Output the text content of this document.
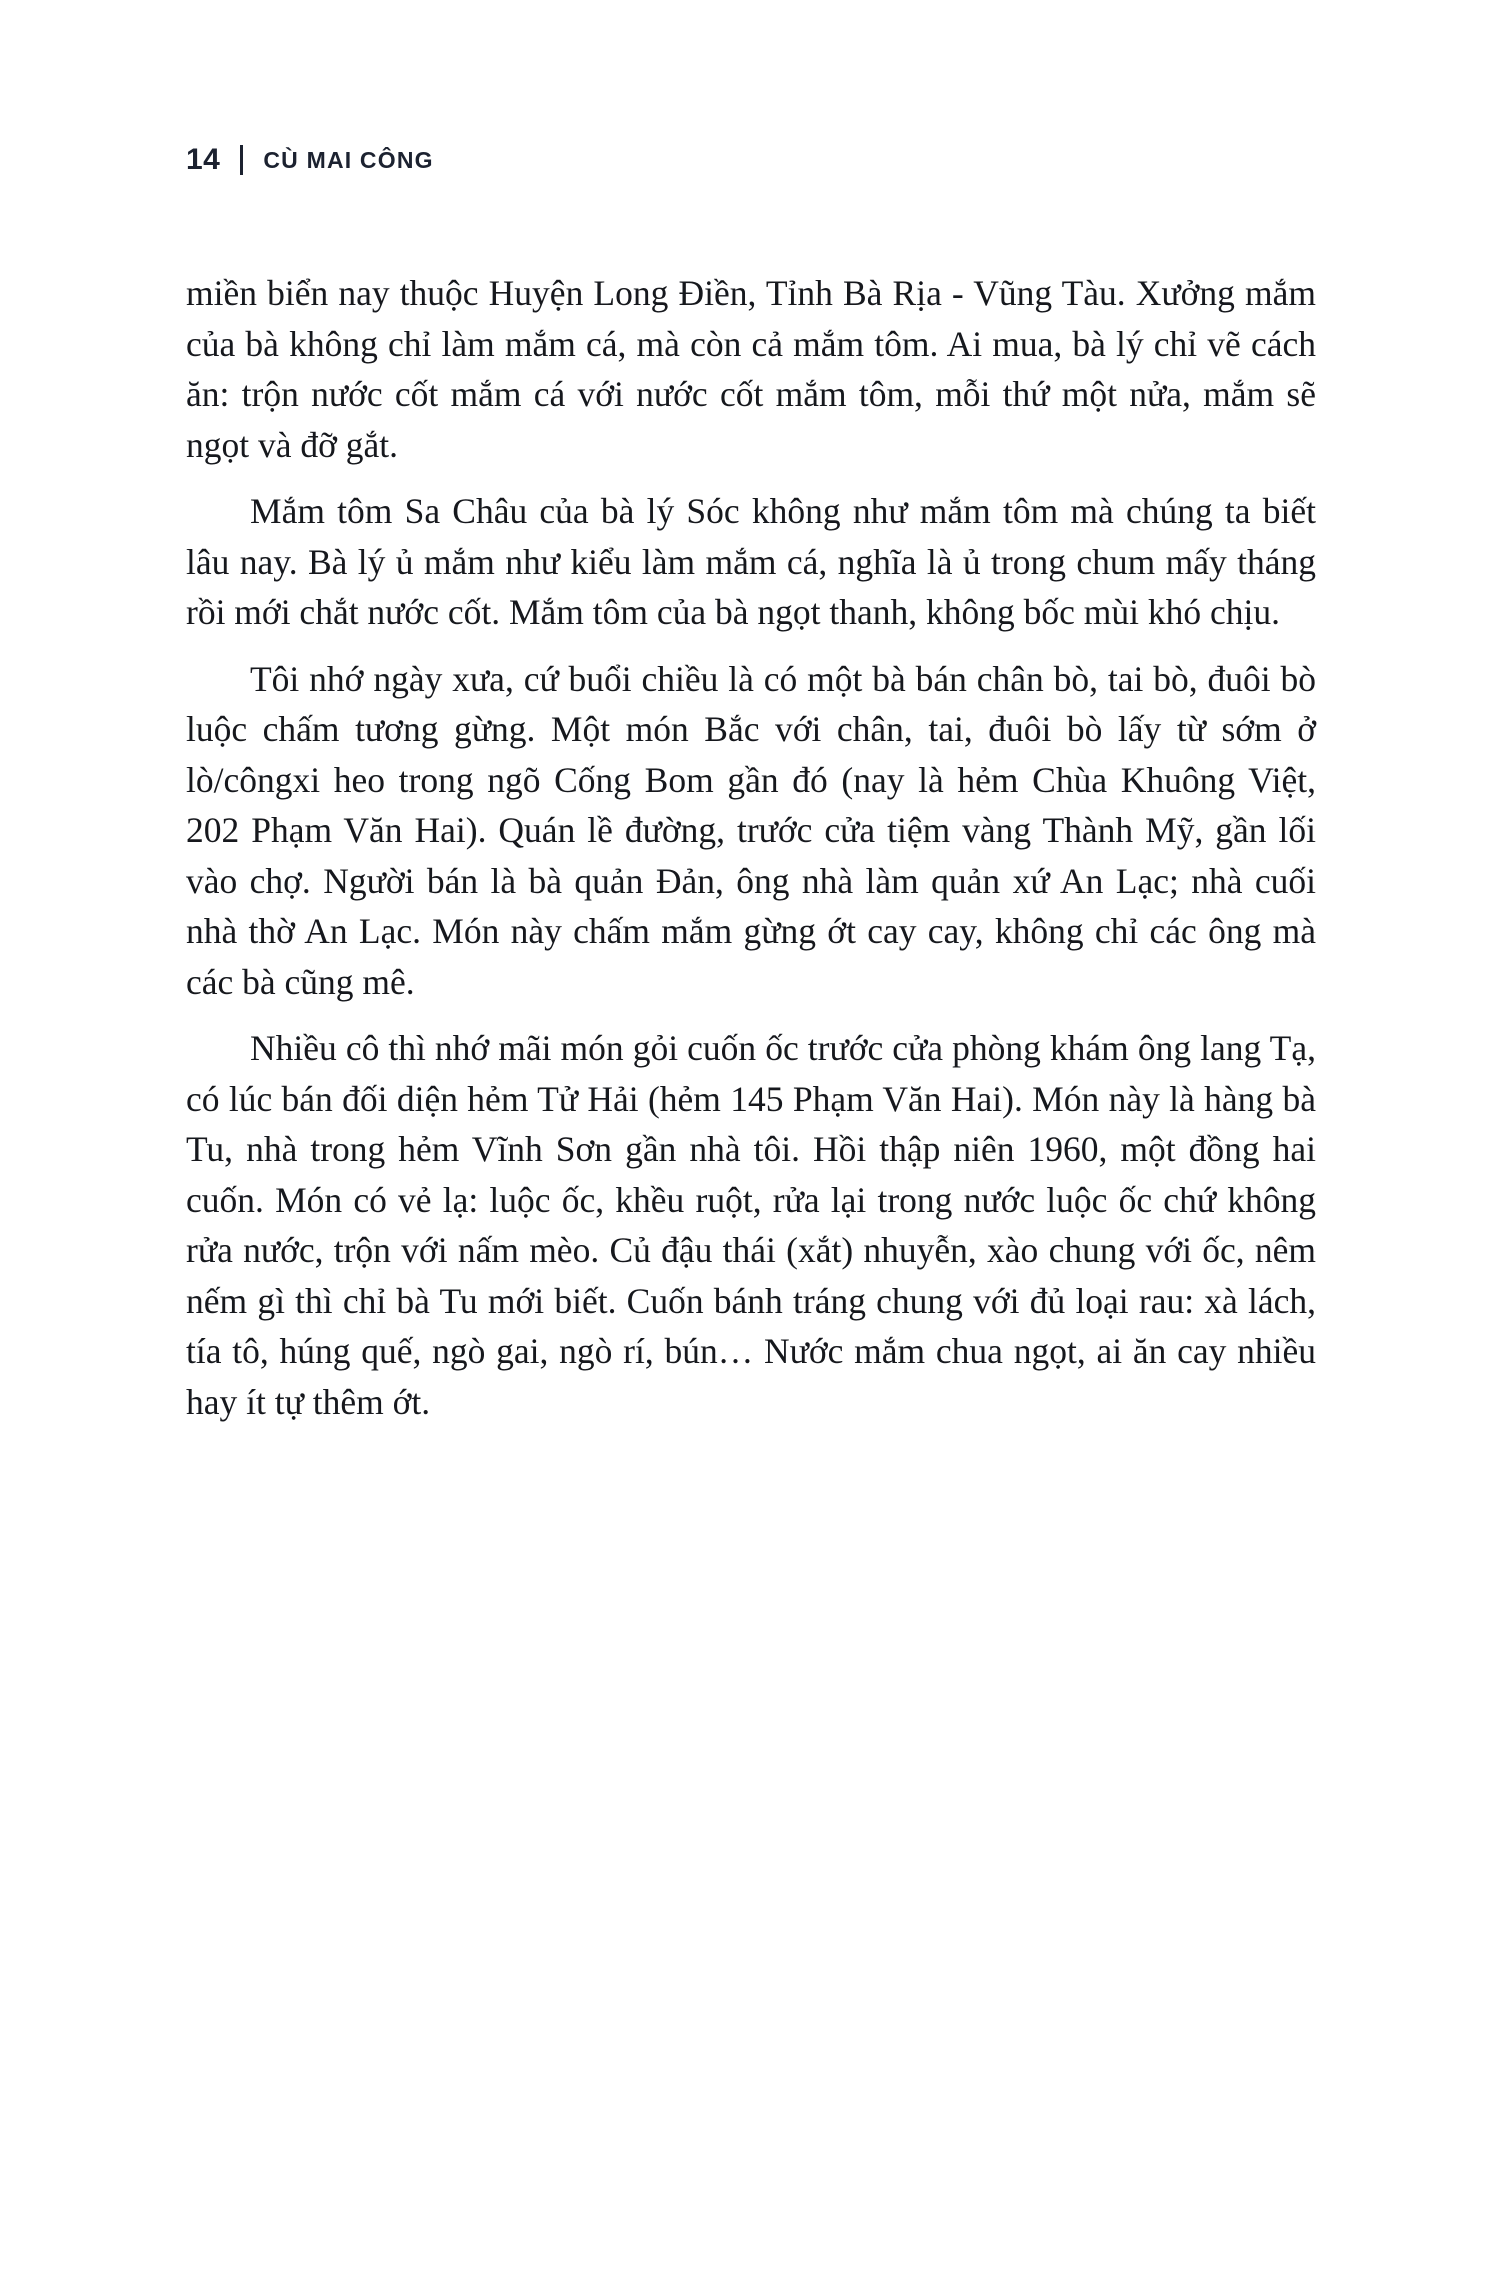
14 CÙ MAI CÔNG

miền biển nay thuộc Huyện Long Điền, Tỉnh Bà Rịa - Vũng Tàu. Xưởng mắm của bà không chỉ làm mắm cá, mà còn cả mắm tôm. Ai mua, bà lý chỉ vẽ cách ăn: trộn nước cốt mắm cá với nước cốt mắm tôm, mỗi thứ một nửa, mắm sẽ ngọt và đỡ gắt.

Mắm tôm Sa Châu của bà lý Sóc không như mắm tôm mà chúng ta biết lâu nay. Bà lý ủ mắm như kiểu làm mắm cá, nghĩa là ủ trong chum mấy tháng rồi mới chắt nước cốt. Mắm tôm của bà ngọt thanh, không bốc mùi khó chịu.

Tôi nhớ ngày xưa, cứ buổi chiều là có một bà bán chân bò, tai bò, đuôi bò luộc chấm tương gừng. Một món Bắc với chân, tai, đuôi bò lấy từ sớm ở lò/côngxi heo trong ngõ Cống Bom gần đó (nay là hẻm Chùa Khuông Việt, 202 Phạm Văn Hai). Quán lề đường, trước cửa tiệm vàng Thành Mỹ, gần lối vào chợ. Người bán là bà quản Đản, ông nhà làm quản xứ An Lạc; nhà cuối nhà thờ An Lạc. Món này chấm mắm gừng ớt cay cay, không chỉ các ông mà các bà cũng mê.

Nhiều cô thì nhớ mãi món gỏi cuốn ốc trước cửa phòng khám ông lang Tạ, có lúc bán đối diện hẻm Tử Hải (hẻm 145 Phạm Văn Hai). Món này là hàng bà Tu, nhà trong hẻm Vĩnh Sơn gần nhà tôi. Hồi thập niên 1960, một đồng hai cuốn. Món có vẻ lạ: luộc ốc, khều ruột, rửa lại trong nước luộc ốc chứ không rửa nước, trộn với nấm mèo. Củ đậu thái (xắt) nhuyễn, xào chung với ốc, nêm nếm gì thì chỉ bà Tu mới biết. Cuốn bánh tráng chung với đủ loại rau: xà lách, tía tô, húng quế, ngò gai, ngò rí, bún… Nước mắm chua ngọt, ai ăn cay nhiều hay ít tự thêm ớt.
